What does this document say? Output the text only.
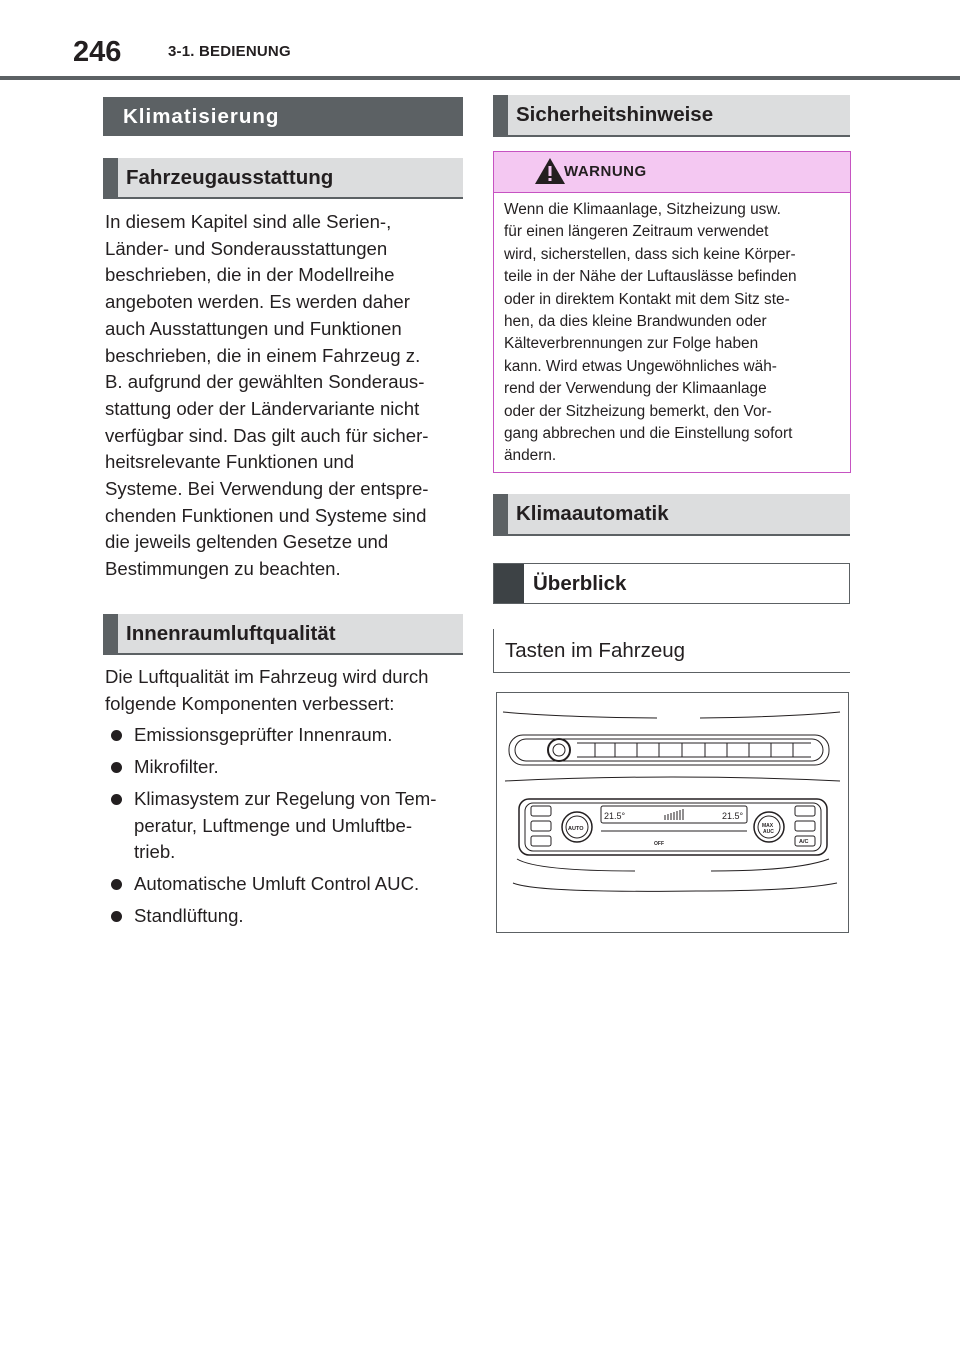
246	3-1. BEDIENUNG
Klimatisierung
Fahrzeugausstattung

In diesem Kapitel sind alle Serien-,
Länder- und Sonderausstattungen
beschrieben, die in der Modellreihe
angeboten werden. Es werden daher
auch Ausstattungen und Funktionen
beschrieben, die in einem Fahrzeug z.
B. aufgrund der gewählten Sonderaus-
stattung oder der Ländervariante nicht
verfügbar sind. Das gilt auch für sicher-
heitsrelevante Funktionen und
Systeme. Bei Verwendung der entspre-
chenden Funktionen und Systeme sind
die jeweils geltenden Gesetze und
Bestimmungen zu beachten.

Innenraumluftqualität

Die Luftqualität im Fahrzeug wird durch
folgende Komponenten verbessert:

Emissionsgeprüfter Innenraum.
Mikrofilter.
Klimasystem zur Regelung von Tem-
peratur, Luftmenge und Umluftbe-
trieb.
Automatische Umluft Control AUC.
Standlüftung.
Sicherheitshinweise
WARNUNG
Wenn die Klimaanlage, Sitzheizung usw.
für einen längeren Zeitraum verwendet
wird, sicherstellen, dass sich keine Körper-
teile in der Nähe der Luftauslässe befinden
oder in direktem Kontakt mit dem Sitz ste-
hen, da dies kleine Brandwunden oder
Kälteverbrennungen zur Folge haben
kann. Wird etwas Ungewöhnliches wäh-
rend der Verwendung der Klimaanlage
oder der Sitzheizung bemerkt, den Vor-
gang abbrechen und die Einstellung sofort
ändern.
Klimaautomatik
Überblick
Tasten im Fahrzeug
21.5°	21.5°
AUTO	MAX
AUC
A/C
OFF
